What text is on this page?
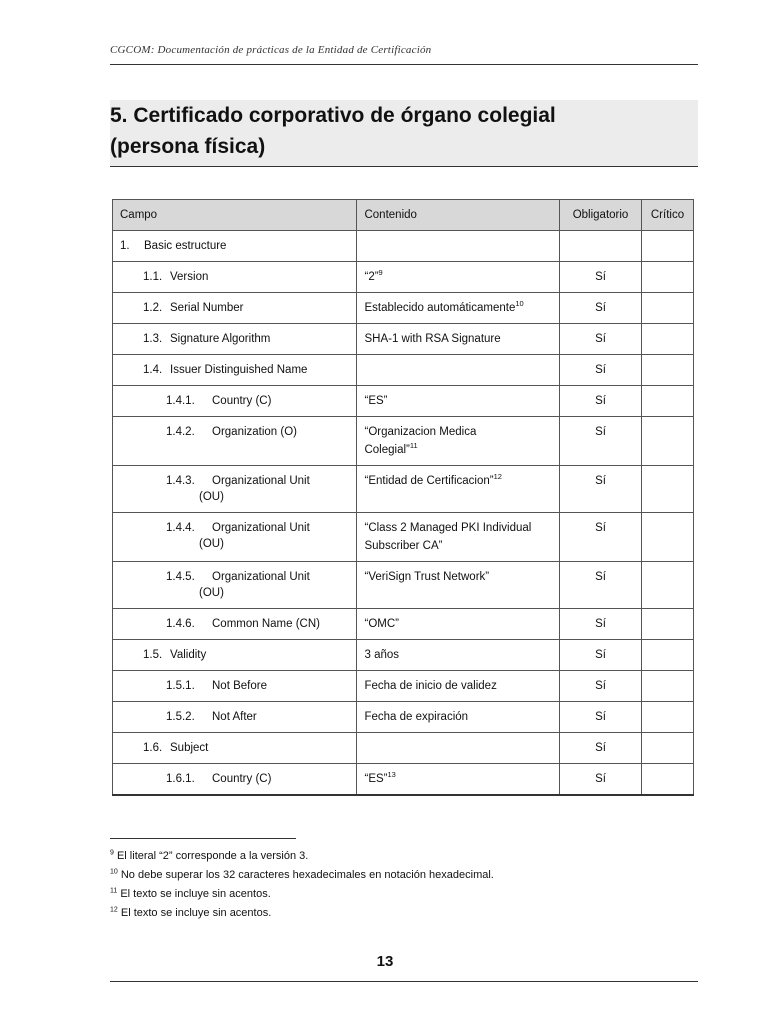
CGCOM: Documentación de prácticas de la Entidad de Certificación
5. Certificado corporativo de órgano colegial
(persona física)
Campo	Contenido	Obligatorio	Crítico

1. Basic estructure			

1.1. Version	“2”$^9$	Sí	

1.2. Serial Number	Establecido automáticamente$^{10}$	Sí	

1.3. Signature Algorithm	SHA-1 with RSA Signature	Sí	

1.4. Issuer Distinguished Name		Sí	

1.4.1. Country (C)	“ES”	Sí	

1.4.2. Organization (O)	“Organizacion Medica
Colegial”$^{11}$	Sí	

1.4.3. Organizational Unit
(OU)	“Entidad de Certificacion”$^{12}$	Sí	

1.4.4. Organizational Unit
(OU)	“Class 2 Managed PKI Individual
Subscriber CA”	Sí	

1.4.5. Organizational Unit
(OU)	“VeriSign Trust Network”	Sí	

1.4.6. Common Name (CN)	“OMC”	Sí	

1.5. Validity	3 años	Sí	

1.5.1. Not Before	Fecha de inicio de validez	Sí	

1.5.2. Not After	Fecha de expiración	Sí	

1.6. Subject		Sí	

1.6.1. Country (C)	“ES”$^{13}$	Sí	
$^9$ El literal “2” corresponde a la versión 3.
$^{10}$ No debe superar los 32 caracteres hexadecimales en notación hexadecimal.
$^{11}$ El texto se incluye sin acentos.
$^{12}$ El texto se incluye sin acentos.
13
